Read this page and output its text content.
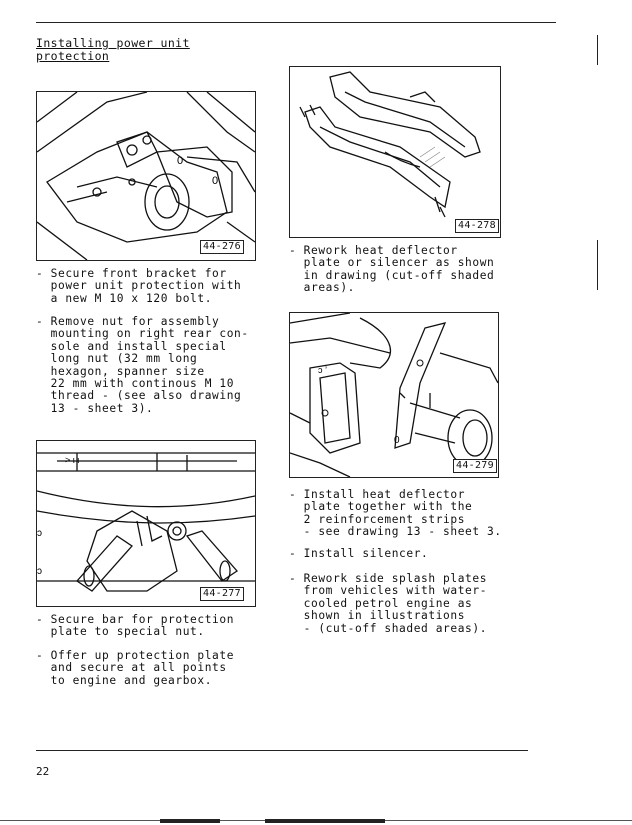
Installing power unit
protection
0
0
44-276
- Secure front bracket for
power unit protection with
a new M 10 x 120 bolt.
- Remove nut for assembly
mounting on right rear con-
sole and install special
long nut (32 mm long
hexagon, spanner size
22 mm with continous M 10
thread - (see also drawing
13 - sheet 3).
> ι ι
ɔ
ɔ
44-277
- Secure bar for protection
plate to special nut.
- Offer up protection plate
and secure at all points
to engine and gearbox.
44-278
- Rework heat deflector
plate or silencer as shown
in drawing (cut-off shaded
areas).
ɔ ’
0
44-279
- Install heat deflector
plate together with the
2 reinforcement strips
- see drawing 13 - sheet 3.
- Install silencer.
- Rework side splash plates
from vehicles with water-
cooled petrol engine as
shown in illustrations
- (cut-off shaded areas).
22
